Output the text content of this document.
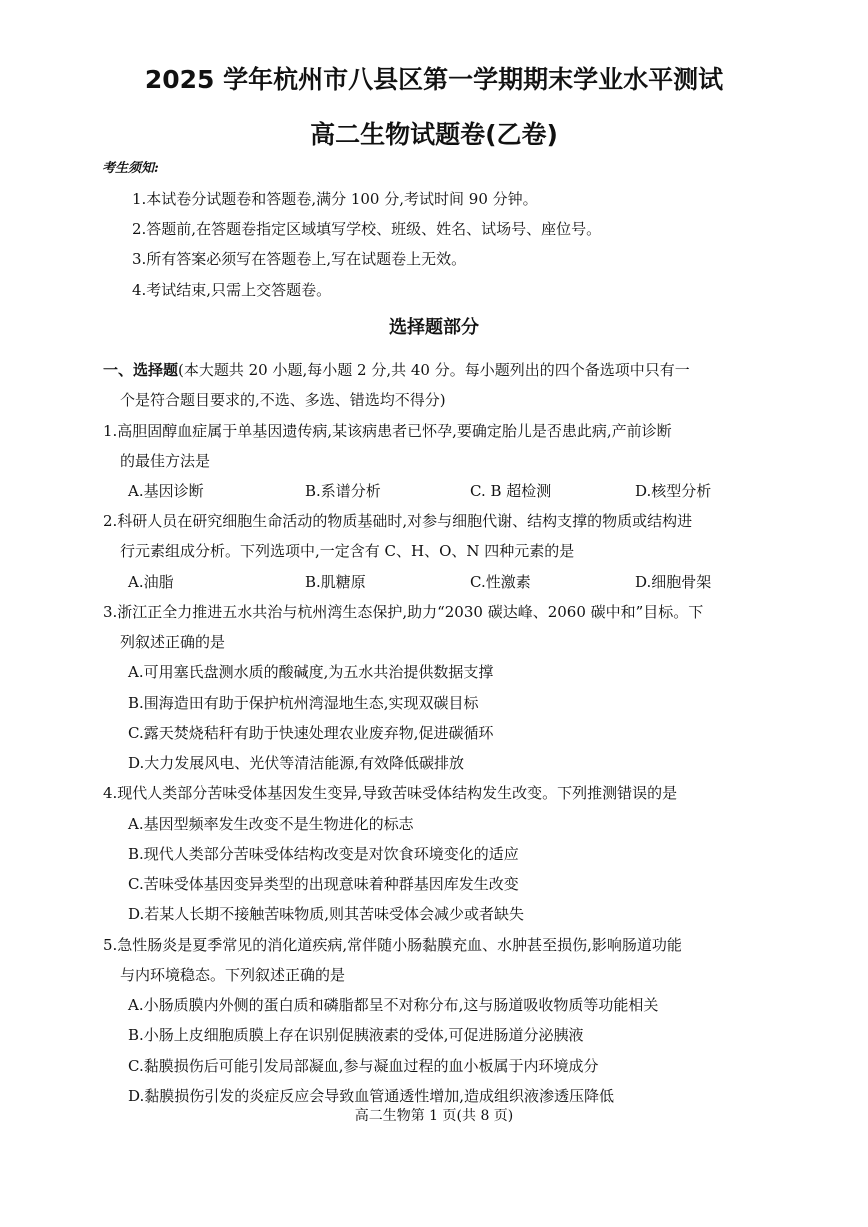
2025 学年杭州市八县区第一学期期末学业水平测试
高二生物试题卷(乙卷)
考生须知:
1.本试卷分试题卷和答题卷,满分 100 分,考试时间 90 分钟。
2.答题前,在答题卷指定区域填写学校、班级、姓名、试场号、座位号。
3.所有答案必须写在答题卷上,写在试题卷上无效。
4.考试结束,只需上交答题卷。
选择题部分
一、选择题(本大题共 20 小题,每小题 2 分,共 40 分。每小题列出的四个备选项中只有一
个是符合题目要求的,不选、多选、错选均不得分)
1.高胆固醇血症属于单基因遗传病,某该病患者已怀孕,要确定胎儿是否患此病,产前诊断
的最佳方法是
A.基因诊断	B.系谱分析	C. B 超检测	D.核型分析
2.科研人员在研究细胞生命活动的物质基础时,对参与细胞代谢、结构支撑的物质或结构进
行元素组成分析。下列选项中,一定含有 C、H、O、N 四种元素的是
A.油脂	B.肌糖原	C.性激素	D.细胞骨架
3.浙江正全力推进五水共治与杭州湾生态保护,助力“2030 碳达峰、2060 碳中和”目标。下
列叙述正确的是
A.可用塞氏盘测水质的酸碱度,为五水共治提供数据支撑
B.围海造田有助于保护杭州湾湿地生态,实现双碳目标
C.露天焚烧秸秆有助于快速处理农业废弃物,促进碳循环
D.大力发展风电、光伏等清洁能源,有效降低碳排放
4.现代人类部分苦味受体基因发生变异,导致苦味受体结构发生改变。下列推测错误的是
A.基因型频率发生改变不是生物进化的标志
B.现代人类部分苦味受体结构改变是对饮食环境变化的适应
C.苦味受体基因变异类型的出现意味着种群基因库发生改变
D.若某人长期不接触苦味物质,则其苦味受体会减少或者缺失
5.急性肠炎是夏季常见的消化道疾病,常伴随小肠黏膜充血、水肿甚至损伤,影响肠道功能
与内环境稳态。下列叙述正确的是
A.小肠质膜内外侧的蛋白质和磷脂都呈不对称分布,这与肠道吸收物质等功能相关
B.小肠上皮细胞质膜上存在识别促胰液素的受体,可促进肠道分泌胰液
C.黏膜损伤后可能引发局部凝血,参与凝血过程的血小板属于内环境成分
D.黏膜损伤引发的炎症反应会导致血管通透性增加,造成组织液渗透压降低
高二生物第 1 页(共 8 页)
